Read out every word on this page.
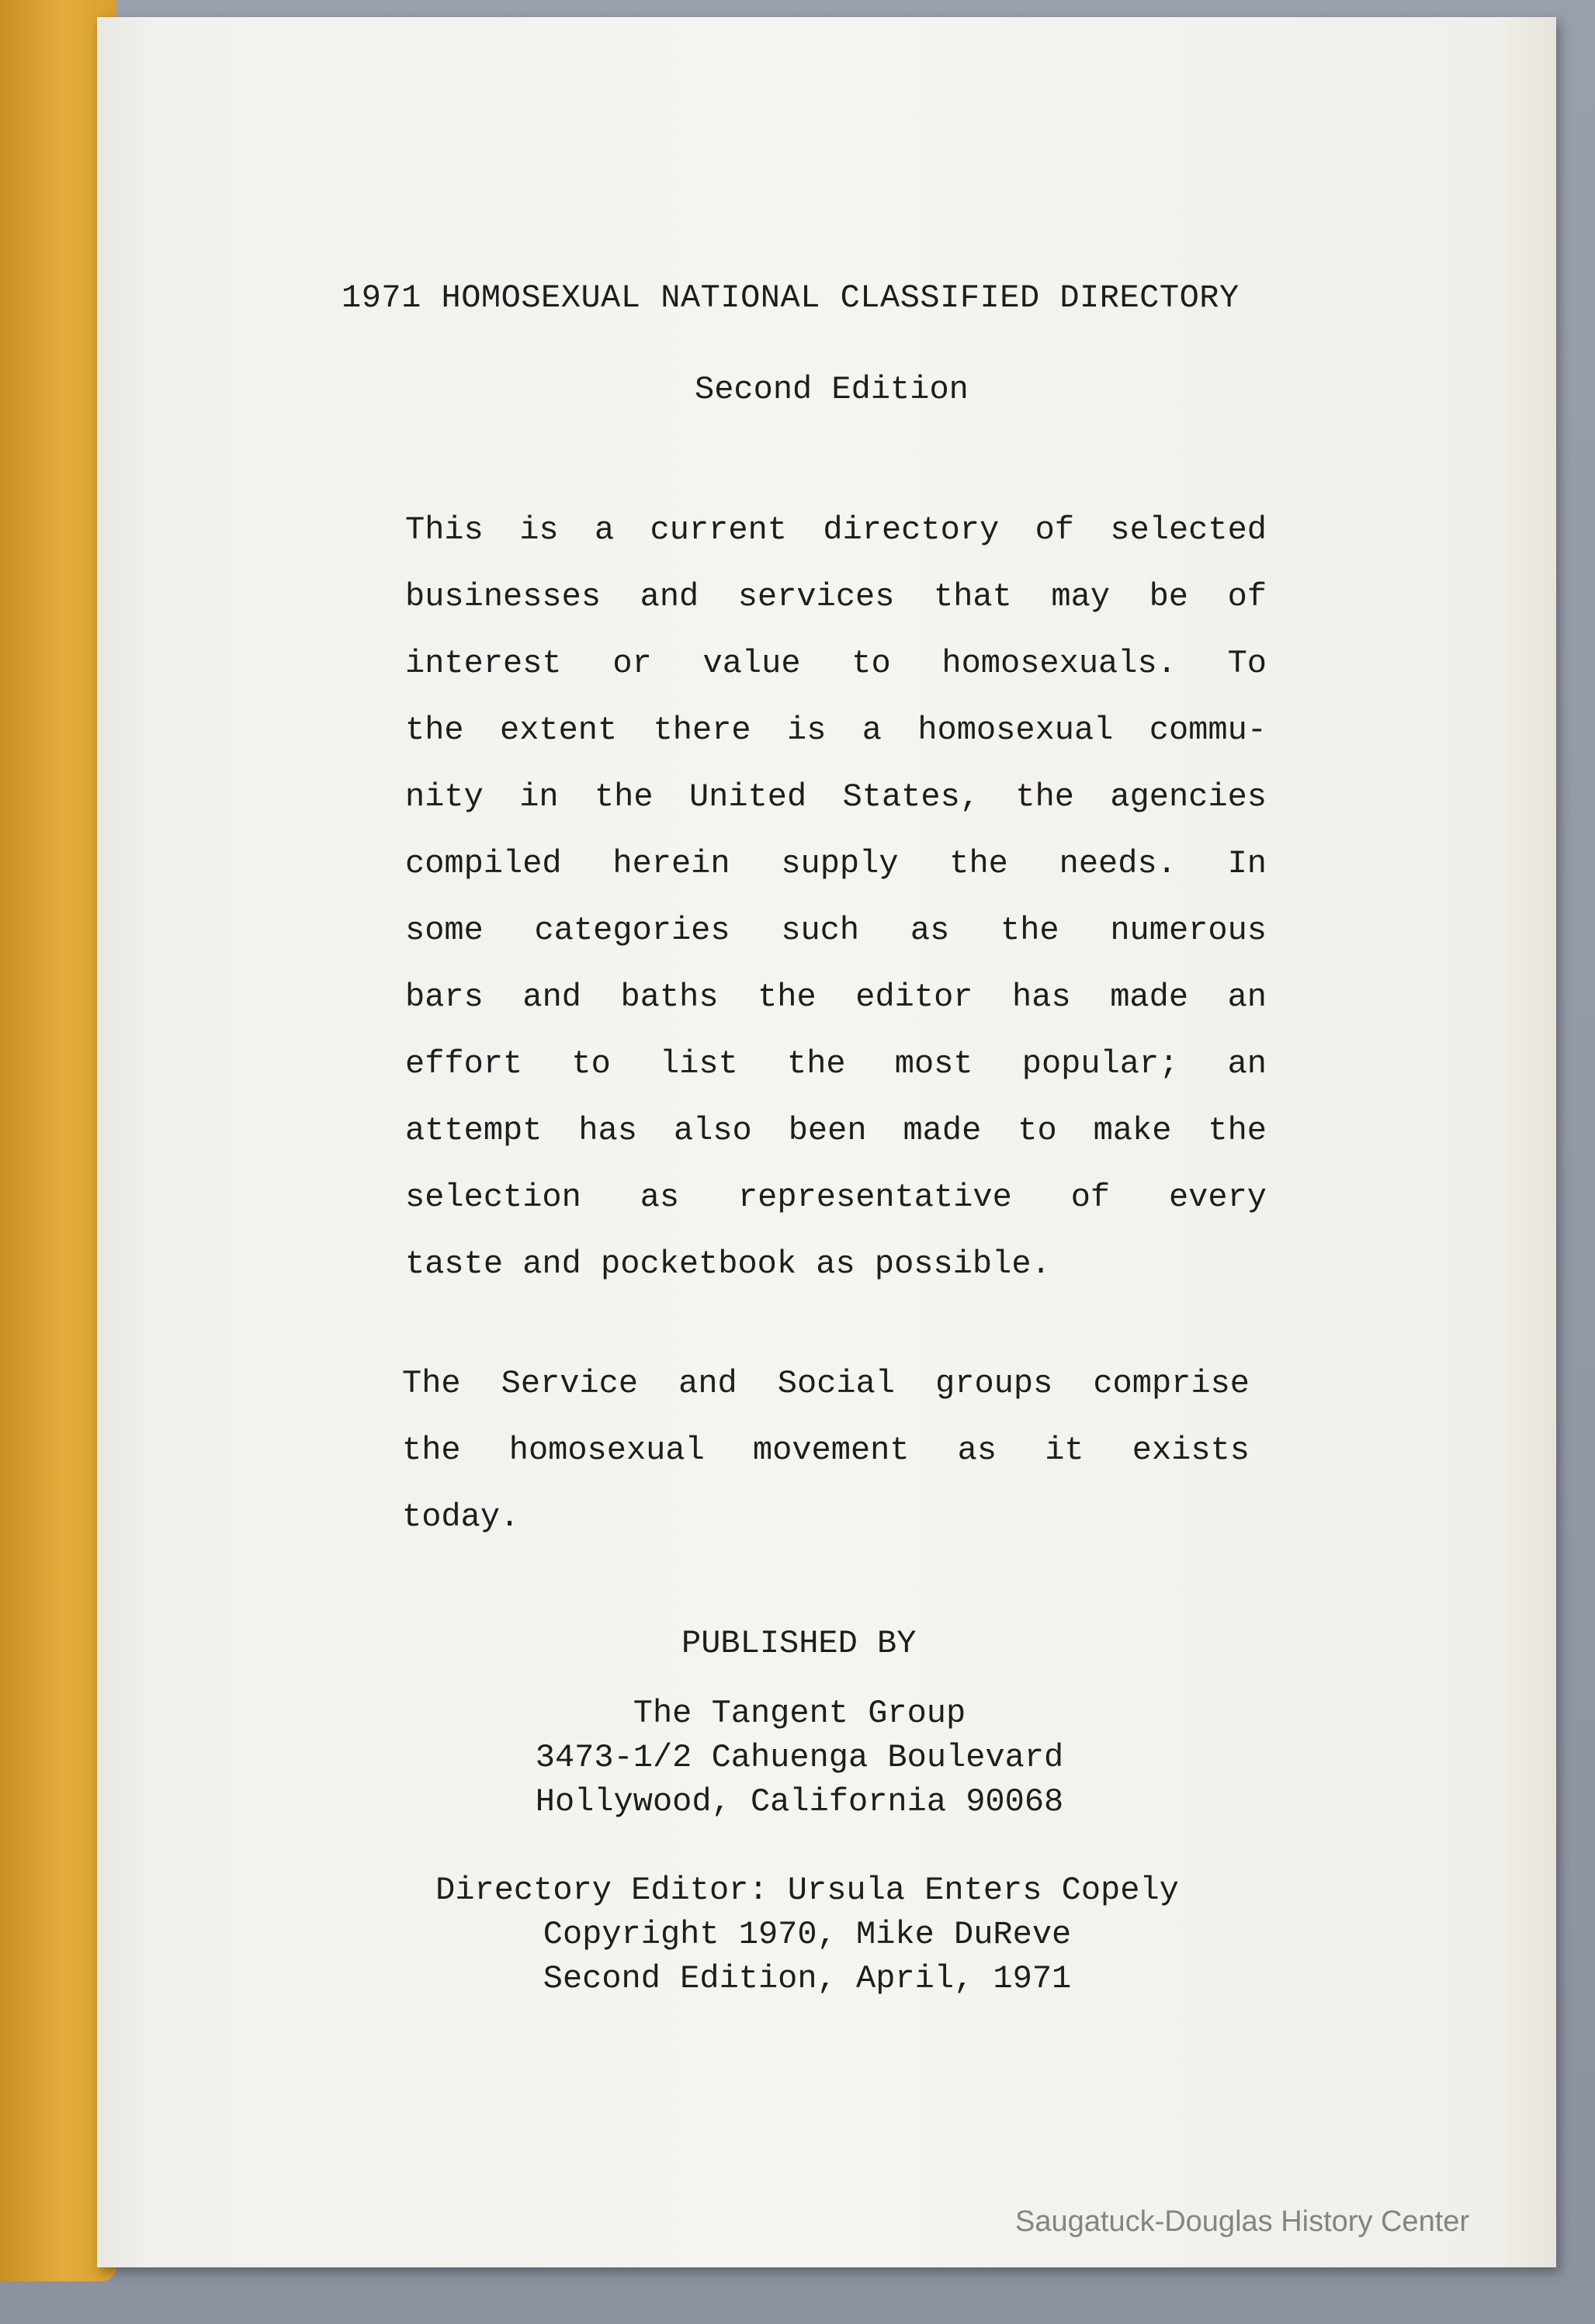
1971 HOMOSEXUAL NATIONAL CLASSIFIED DIRECTORY
Second Edition
This is a current directory of selected
businesses and services that may be of
interest or value to homosexuals. To
the extent there is a homosexual commu-
nity in the United States, the agencies
compiled herein supply the needs. In
some categories such as the numerous
bars and baths the editor has made an
effort to list the most popular; an
attempt has also been made to make the
selection as representative of every
taste and pocketbook as possible.
The Service and Social groups comprise
the homosexual movement as it exists
today.
PUBLISHED BY
The Tangent Group
3473-1/2 Cahuenga Boulevard
Hollywood, California 90068
Directory Editor: Ursula Enters Copely
Copyright 1970, Mike DuReve
Second Edition, April, 1971
Saugatuck-Douglas History Center
